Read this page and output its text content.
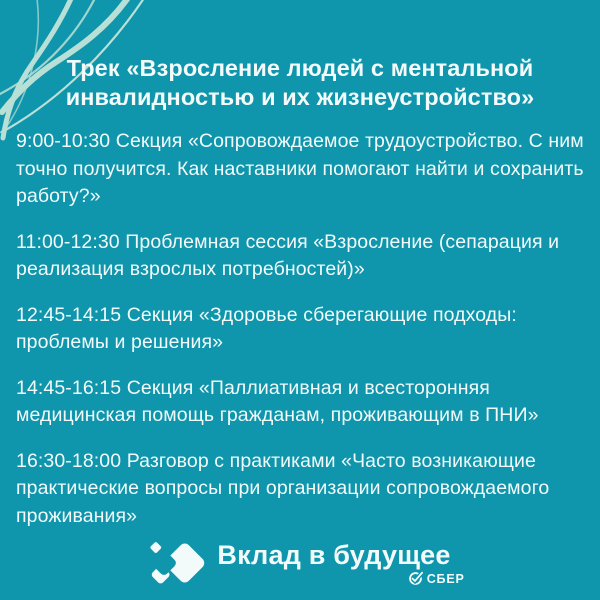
Трек «Взросление людей с ментальной инвалидностью и их жизнеустройство»

9:00-10:30 Секция «Сопровождаемое трудоустройство. С ним точно получится. Как наставники помогают найти и сохранить работу?»

11:00-12:30 Проблемная сессия «Взросление (сепарация и реализация взрослых потребностей)»

12:45-14:15 Секция «Здоровье сберегающие подходы: проблемы и решения»

14:45-16:15 Секция «Паллиативная и всесторонняя медицинская помощь гражданам, проживающим в ПНИ»

16:30-18:00 Разговор с практиками «Часто возникающие практические вопросы при организации сопровождаемого проживания»

Вклад в будущее
СБЕР
